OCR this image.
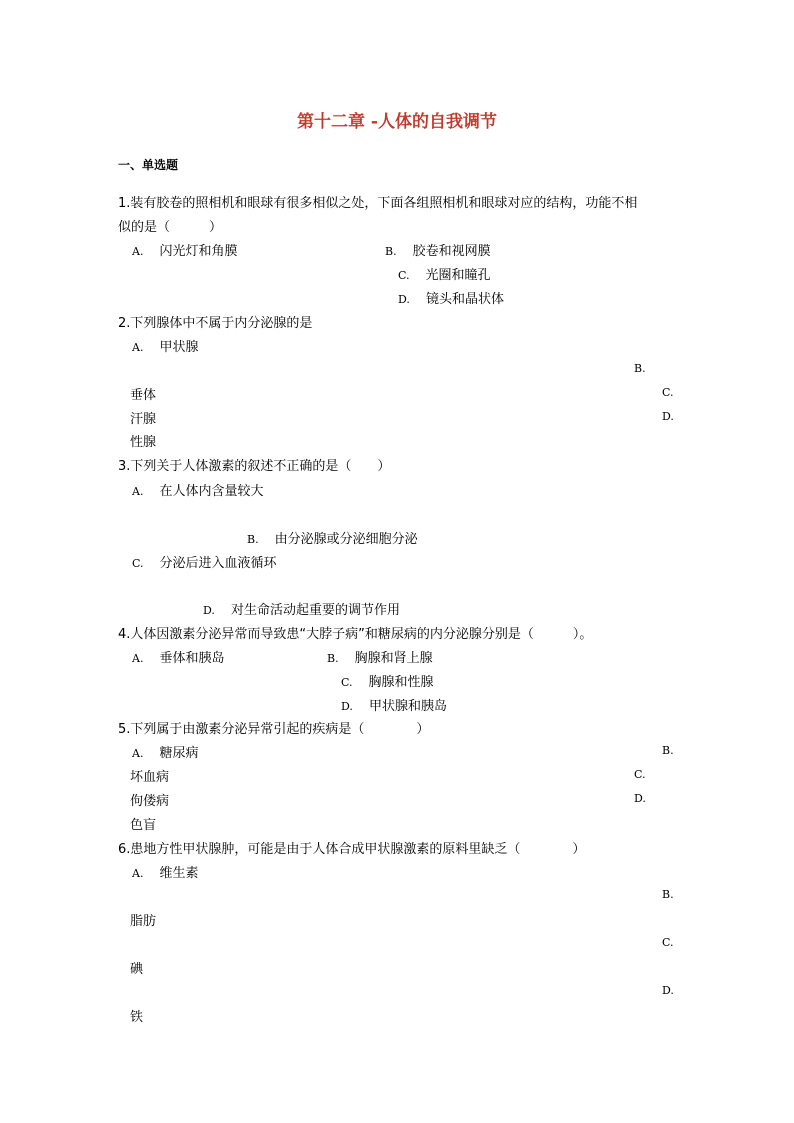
第十二章 -人体的自我调节
一、单选题
1.装有胶卷的照相机和眼球有很多相似之处，下面各组照相机和眼球对应的结构，功能不相
似的是（　　　）
A. 闪光灯和角膜	B. 胶卷和视网膜
C. 光圈和瞳孔
D. 镜头和晶状体
2.下列腺体中不属于内分泌腺的是
A. 甲状腺
B.
垂体	C.
汗腺	D.
性腺
3.下列关于人体激素的叙述不正确的是（　　）
A. 在人体内含量较大
B. 由分泌腺或分泌细胞分泌
C. 分泌后进入血液循环
D. 对生命活动起重要的调节作用
4.人体因激素分泌异常而导致患“大脖子病”和糖尿病的内分泌腺分别是（　　　）。
A. 垂体和胰岛	B. 胸腺和肾上腺
C. 胸腺和性腺
D. 甲状腺和胰岛
5.下列属于由激素分泌异常引起的疾病是（　　　　）
A. 糖尿病	B.
坏血病	C.
佝偻病	D.
色盲
6.患地方性甲状腺肿，可能是由于人体合成甲状腺激素的原料里缺乏（　　　　）
A. 维生素
B.
脂肪
C.
碘
D.
铁
